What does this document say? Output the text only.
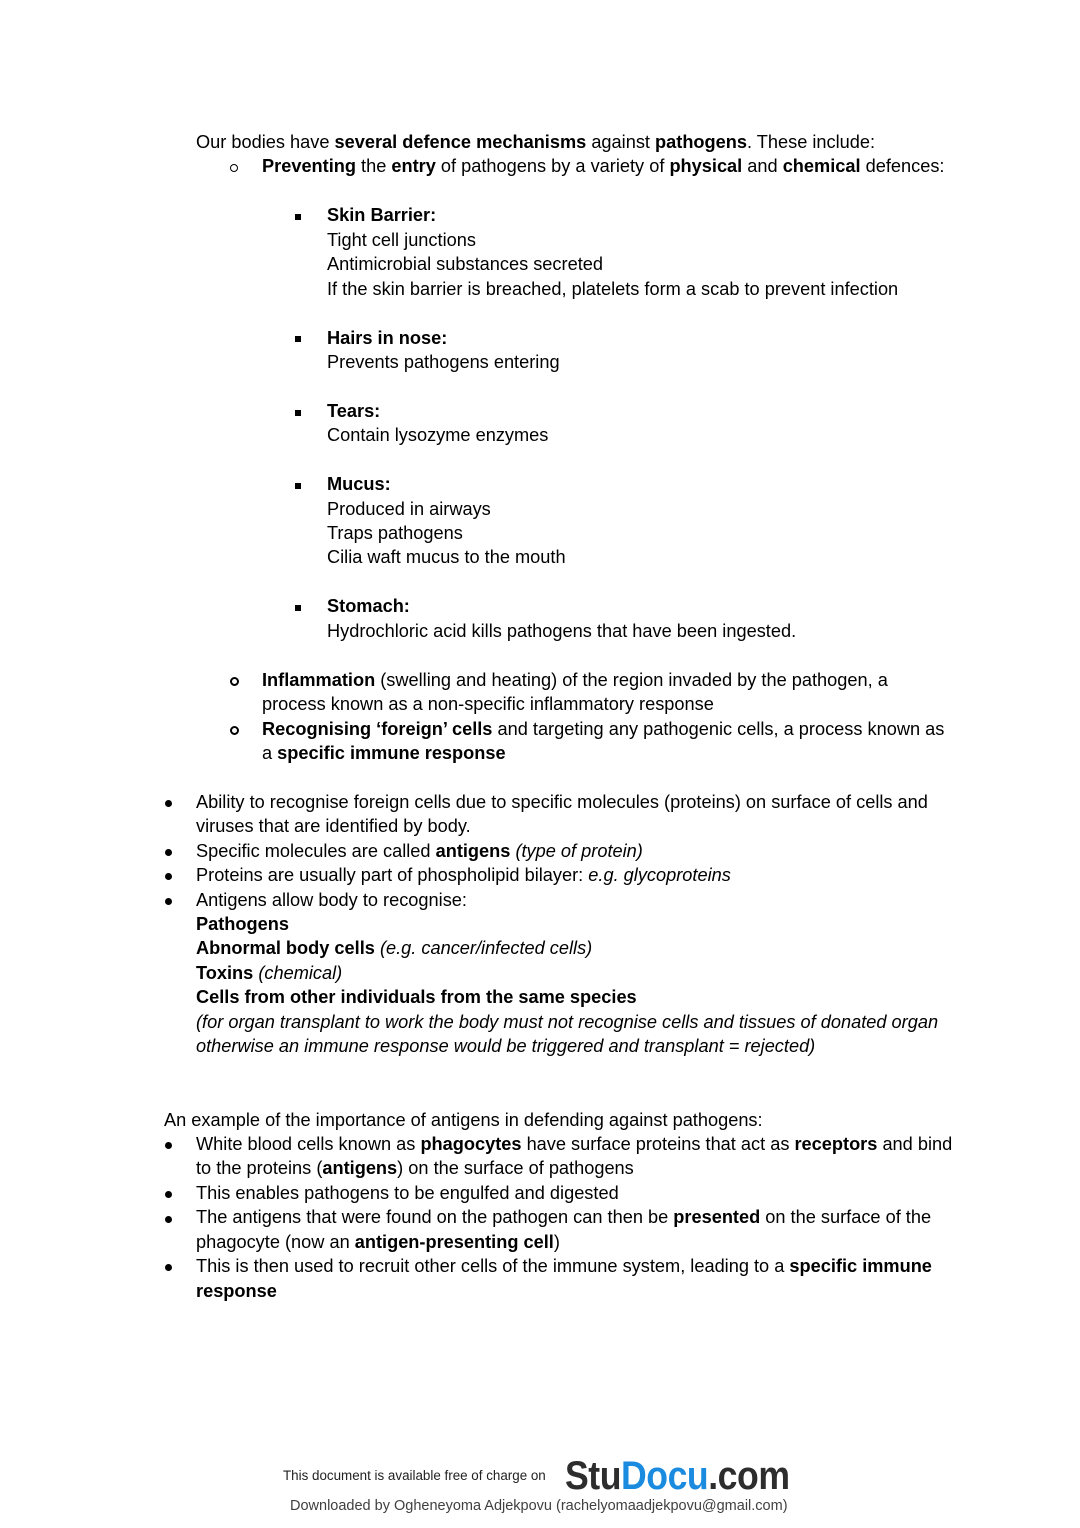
Our bodies have several defence mechanisms against pathogens. These include:
Preventing the entry of pathogens by a variety of physical and chemical defences:
Skin Barrier:
Tight cell junctions
Antimicrobial substances secreted
If the skin barrier is breached, platelets form a scab to prevent infection
Hairs in nose:
Prevents pathogens entering
Tears:
Contain lysozyme enzymes
Mucus:
Produced in airways
Traps pathogens
Cilia waft mucus to the mouth
Stomach:
Hydrochloric acid kills pathogens that have been ingested.
Inflammation (swelling and heating) of the region invaded by the pathogen, a
process known as a non-specific inflammatory response
Recognising ‘foreign’ cells and targeting any pathogenic cells, a process known as
a specific immune response
Ability to recognise foreign cells due to specific molecules (proteins) on surface of cells and
viruses that are identified by body.
Specific molecules are called antigens (type of protein)
Proteins are usually part of phospholipid bilayer: e.g. glycoproteins
Antigens allow body to recognise:
Pathogens
Abnormal body cells (e.g. cancer/infected cells)
Toxins (chemical)
Cells from other individuals from the same species
(for organ transplant to work the body must not recognise cells and tissues of donated organ
otherwise an immune response would be triggered and transplant = rejected)
An example of the importance of antigens in defending against pathogens:
White blood cells known as phagocytes have surface proteins that act as receptors and bind
to the proteins (antigens) on the surface of pathogens
This enables pathogens to be engulfed and digested
The antigens that were found on the pathogen can then be presented on the surface of the
phagocyte (now an antigen-presenting cell)
This is then used to recruit other cells of the immune system, leading to a specific immune
response
This document is available free of charge on StuDocu.com
Downloaded by Ogheneyoma Adjekpovu (rachelyomaadjekpovu@gmail.com)
